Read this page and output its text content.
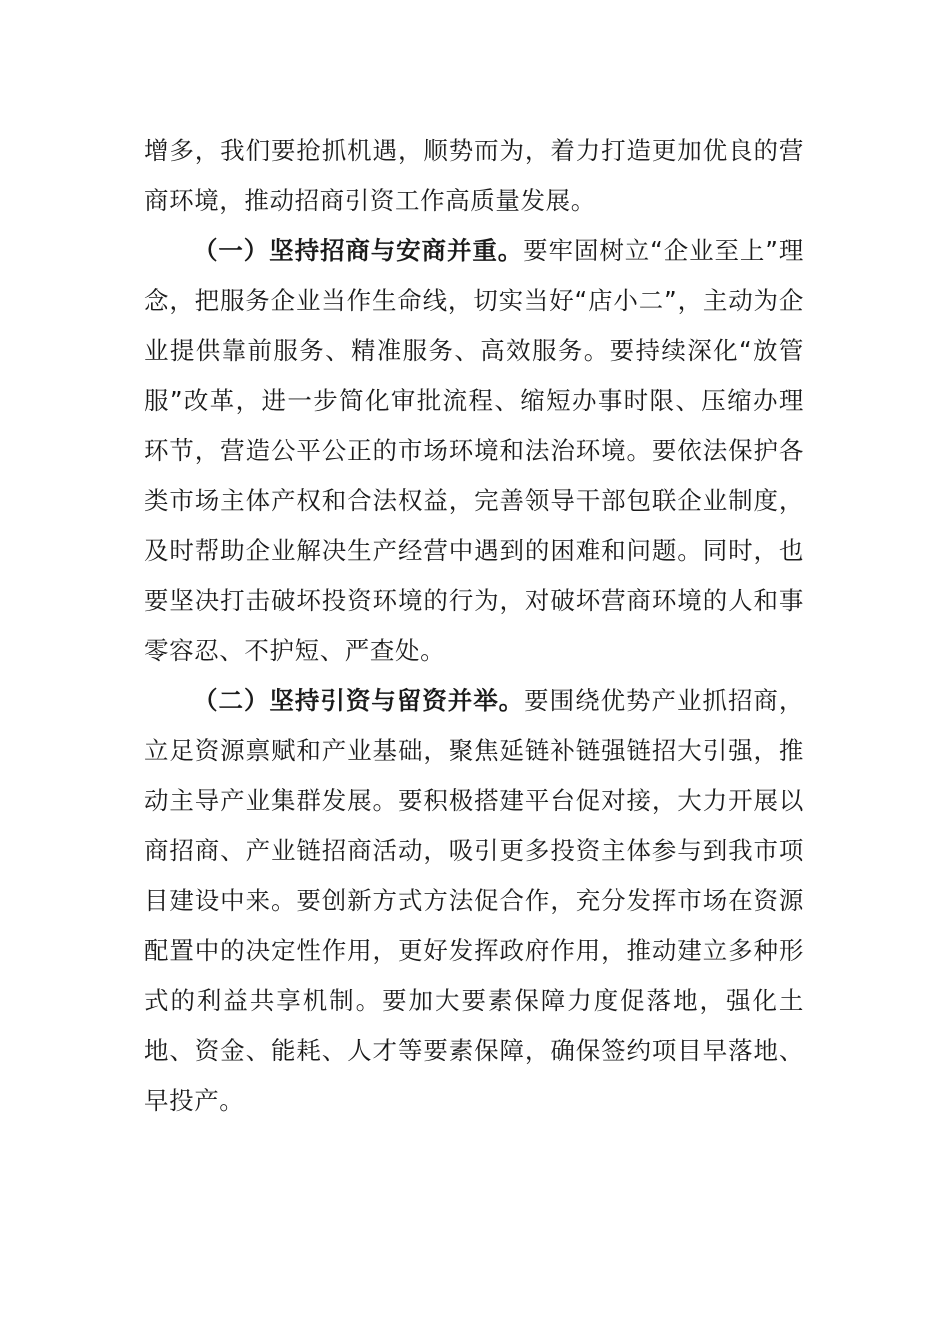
增多，我们要抢抓机遇，顺势而为，着力打造更加优良的营商环境，推动招商引资工作高质量发展。

（一）坚持招商与安商并重。要牢固树立“企业至上”理念，把服务企业当作生命线，切实当好“店小二”，主动为企业提供靠前服务、精准服务、高效服务。要持续深化“放管服”改革，进一步简化审批流程、缩短办事时限、压缩办理环节，营造公平公正的市场环境和法治环境。要依法保护各类市场主体产权和合法权益，完善领导干部包联企业制度，及时帮助企业解决生产经营中遇到的困难和问题。同时，也要坚决打击破坏投资环境的行为，对破坏营商环境的人和事零容忍、不护短、严查处。

（二）坚持引资与留资并举。要围绕优势产业抓招商，立足资源禀赋和产业基础，聚焦延链补链强链招大引强，推动主导产业集群发展。要积极搭建平台促对接，大力开展以商招商、产业链招商活动，吸引更多投资主体参与到我市项目建设中来。要创新方式方法促合作，充分发挥市场在资源配置中的决定性作用，更好发挥政府作用，推动建立多种形式的利益共享机制。要加大要素保障力度促落地，强化土地、资金、能耗、人才等要素保障，确保签约项目早落地、早投产。
